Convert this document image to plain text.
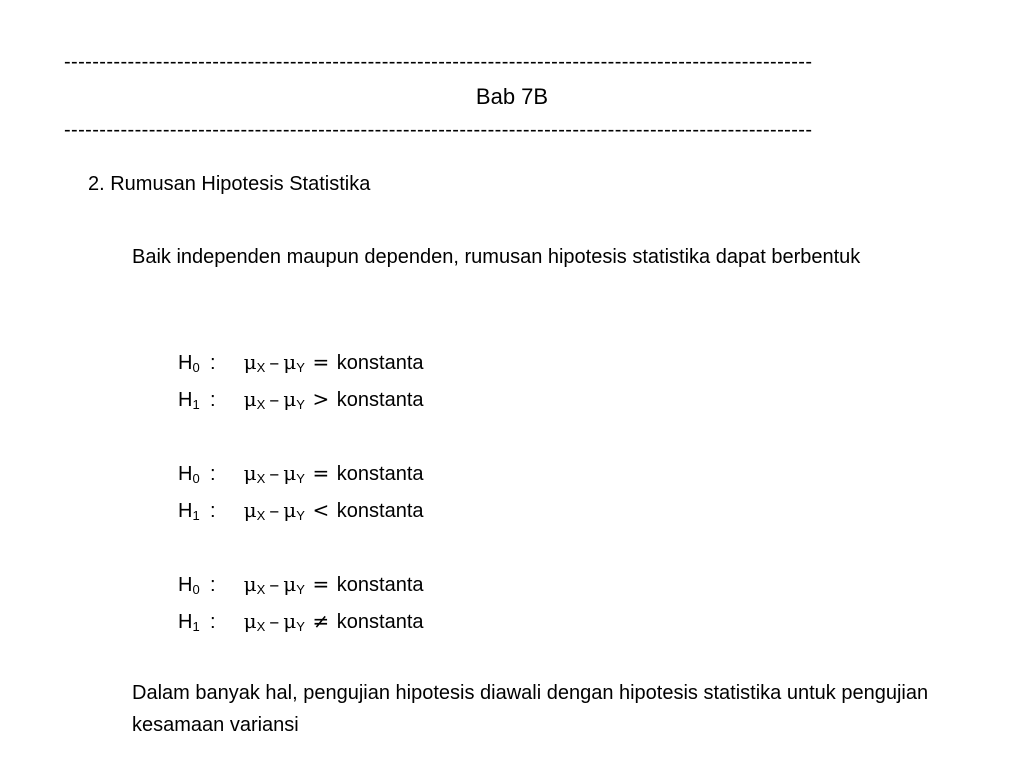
----------------------------------------------------------------------------------------------------------
Bab 7B
----------------------------------------------------------------------------------------------------------
2. Rumusan Hipotesis Statistika
Baik independen maupun dependen, rumusan hipotesis statistika dapat berbentuk
$H_0$ : $\mu_X - \mu_Y$ = konstanta
$H_1$ : $\mu_X - \mu_Y$ > konstanta
$H_0$ : $\mu_X - \mu_Y$ = konstanta
$H_1$ : $\mu_X - \mu_Y$ < konstanta
$H_0$ : $\mu_X - \mu_Y$ = konstanta
$H_1$ : $\mu_X - \mu_Y$ ≠ konstanta
Dalam banyak hal, pengujian hipotesis diawali dengan hipotesis statistika untuk pengujian kesamaan variansi
